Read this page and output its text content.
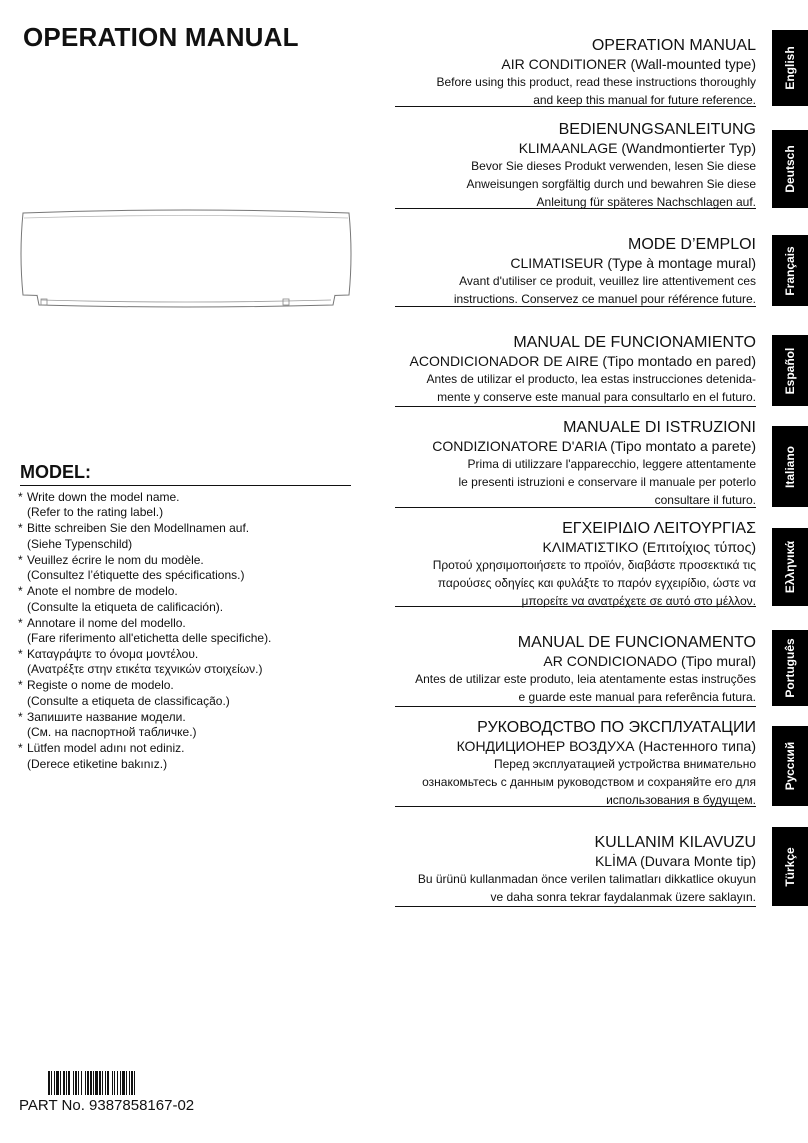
OPERATION MANUAL
MODEL:
* Write down the model name.
(Refer to the rating label.)
* Bitte schreiben Sie den Modellnamen auf.
(Siehe Typenschild)
* Veuillez écrire le nom du modèle.
(Consultez l’étiquette des spécifications.)
* Anote el nombre de modelo.
(Consulte la etiqueta de calificación).
* Annotare il nome del modello.
(Fare riferimento all'etichetta delle specifiche).
* Καταγράψτε το όνομα μοντέλου.
(Ανατρέξτε στην ετικέτα τεχνικών στοιχείων.)
* Registe o nome de modelo.
(Consulte a etiqueta de classificação.)
* Запишите название модели.
(См. на паспортной табличке.)
* Lütfen model adını not ediniz.
(Derece etiketine bakınız.)
OPERATION MANUAL
AIR CONDITIONER (Wall-mounted type)
Before using this product, read these instructions thoroughly
and keep this manual for future reference.
English
BEDIENUNGSANLEITUNG
KLIMAANLAGE (Wandmontierter Typ)
Bevor Sie dieses Produkt verwenden, lesen Sie diese
Anweisungen sorgfältig durch und bewahren Sie diese
Anleitung für späteres Nachschlagen auf.
Deutsch
MODE D’EMPLOI
CLIMATISEUR (Type à montage mural)
Avant d'utiliser ce produit, veuillez lire attentivement ces
instructions. Conservez ce manuel pour référence future.
Français
MANUAL DE FUNCIONAMIENTO
ACONDICIONADOR DE AIRE (Tipo montado en pared)
Antes de utilizar el producto, lea estas instrucciones detenida-
mente y conserve este manual para consultarlo en el futuro.
Español
MANUALE DI ISTRUZIONI
CONDIZIONATORE D'ARIA (Tipo montato a parete)
Prima di utilizzare l'apparecchio, leggere attentamente
le presenti istruzioni e conservare il manuale per poterlo
consultare il futuro.
Italiano
ΕΓΧΕΙΡΙΔΙΟ ΛΕΙΤΟΥΡΓΙΑΣ
ΚΛΙΜΑΤΙΣΤΙΚΟ (Επιτοίχιος τύπος)
Προτού χρησιμοποιήσετε το προϊόν, διαβάστε προσεκτικά τις
παρούσες οδηγίες και φυλάξτε το παρόν εγχειρίδιο, ώστε να
μπορείτε να ανατρέχετε σε αυτό στο μέλλον.
Ελληνικά
MANUAL DE FUNCIONAMENTO
AR CONDICIONADO (Tipo mural)
Antes de utilizar este produto, leia atentamente estas instruções
e guarde este manual para referência futura. Português
РУКОВОДСТВО ПО ЭКСПЛУАТАЦИИ
КОНДИЦИОНЕР ВОЗДУХА (Настенного типа)
Перед эксплуатацией устройства внимательно
ознакомьтесь с данным руководством и сохраняйте его для
использования в будущем.
Русский
KULLANIM KILAVUZU
KLİMA (Duvara Monte tip)
Bu ürünü kullanmadan önce verilen talimatları dikkatlice okuyun
ve daha sonra tekrar faydalanmak üzere saklayın.
Türkçe
PART No. 9387858167-02
